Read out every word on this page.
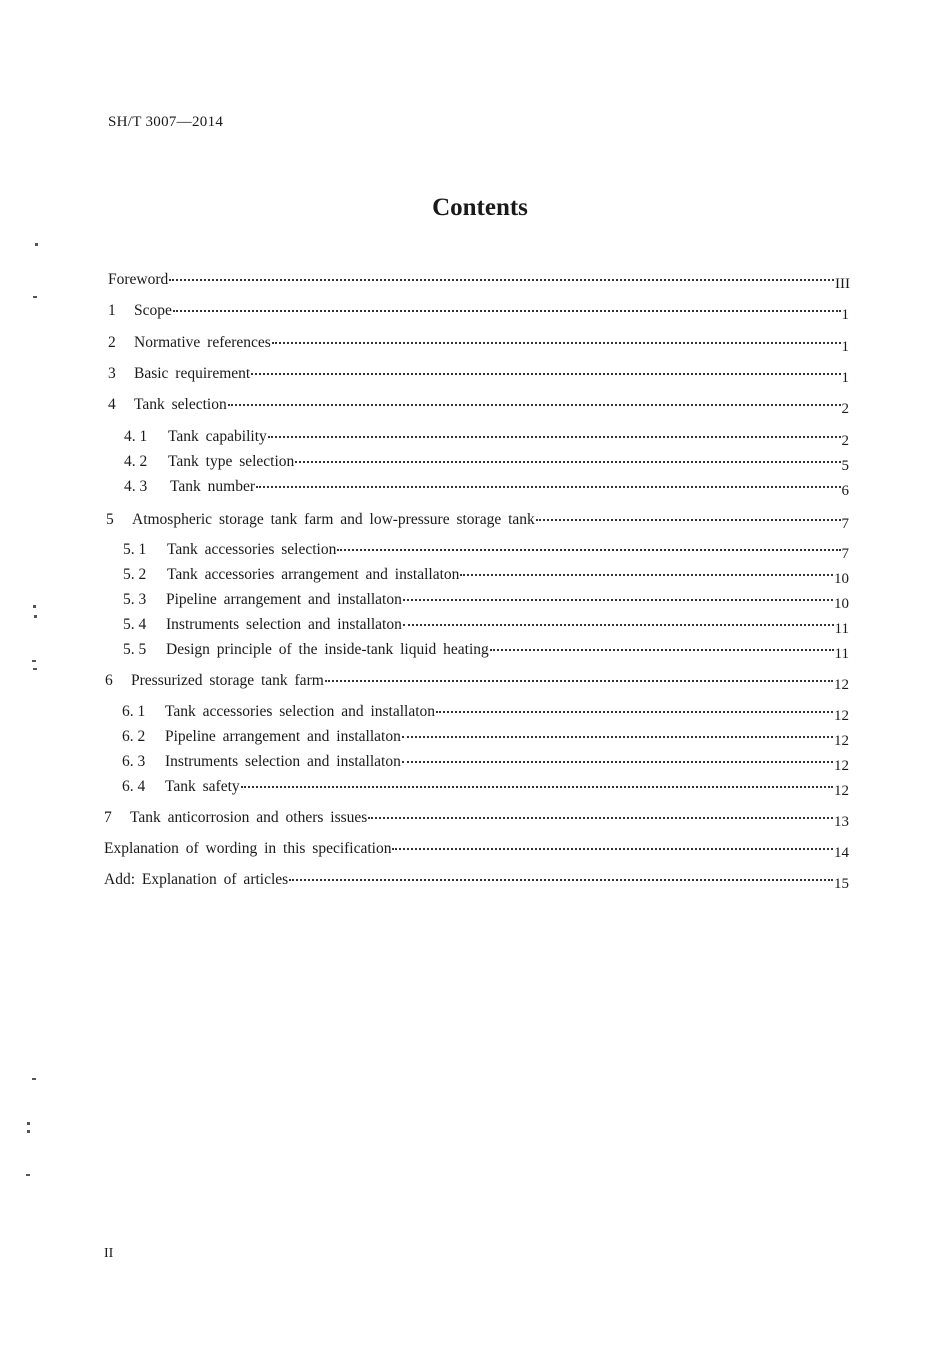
SH/T 3007—2014
Contents
Foreword	III
1	Scope	1
2	Normative references	1
3	Basic requirement	1
4	Tank selection	2
4. 1	Tank capability	2
4. 2	Tank type selection	5
4. 3	Tank number	6
5	Atmospheric storage tank farm and low-pressure storage tank	7
5. 1	Tank accessories selection	7
5. 2	Tank accessories arrangement and installaton	10
5. 3	Pipeline arrangement and installaton	10
5. 4	Instruments selection and installaton	11
5. 5	Design principle of the inside-tank liquid heating	11
6	Pressurized storage tank farm	12
6. 1	Tank accessories selection and installaton	12
6. 2	Pipeline arrangement and installaton	12
6. 3	Instruments selection and installaton	12
6. 4	Tank safety	12
7	Tank anticorrosion and others issues	13
Explanation of wording in this specification	14
Add: Explanation of articles	15
II
